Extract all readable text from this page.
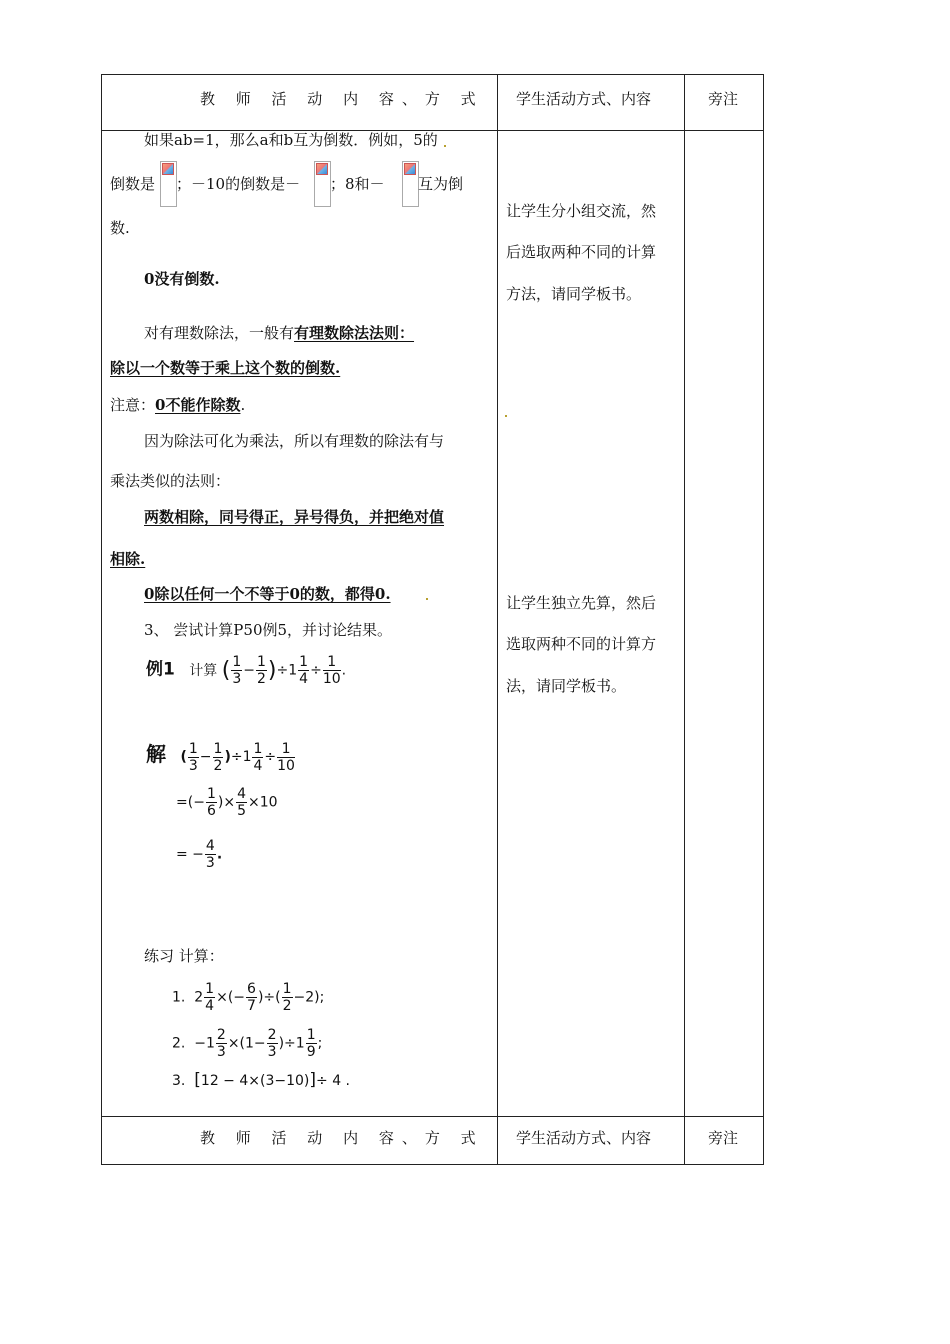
教 师 活 动 内 容、方 式 学生活动方式、内容	旁注
如果ab=1，那么a和b互为倒数．例如，5的
倒数是 ；－10的倒数是－ ；8和－ 互为倒
数.
0没有倒数.
对有理数除法，一般有有理数除法法则：
除以一个数等于乘上这个数的倒数.
注意：0不能作除数.
因为除法可化为乘法，所以有理数的除法有与
乘法类似的法则：
两数相除，同号得正，异号得负，并把绝对值
相除.
0除以任何一个不等于0的数，都得0.
3、 尝试计算P50例5，并讨论结果。
例1 计算 ( $\frac{1}{3} - \frac{1}{2} )\div 1 \frac{1}{4} \div \frac{1}{10}$ .
解 ( $\frac{1}{3} - \frac{1}{2} )\div 1 \frac{1}{4} \div \frac{1}{10}$
=(− $\frac{1}{6}$ )× $\frac{4}{5} \times 10$
= − $\frac{4}{3}$ .
练习 计算：
1.  $2 \frac{1}{4}$ ×(− $\frac{6}{7}$ )÷( $\frac{1}{2} -2$);
2.  $-1 \frac{2}{3} \times(1- \frac{2}{3} )\div 1 \frac{1}{9}$ ;
3.  [12 − 4×(3−10)]÷ 4 .
让学生分小组交流，然
后选取两种不同的计算
方法，请同学板书。
让学生独立先算，然后
选取两种不同的计算方
法，请同学板书。
教 师 活 动 内 容、方 式 学生活动方式、内容	旁注
